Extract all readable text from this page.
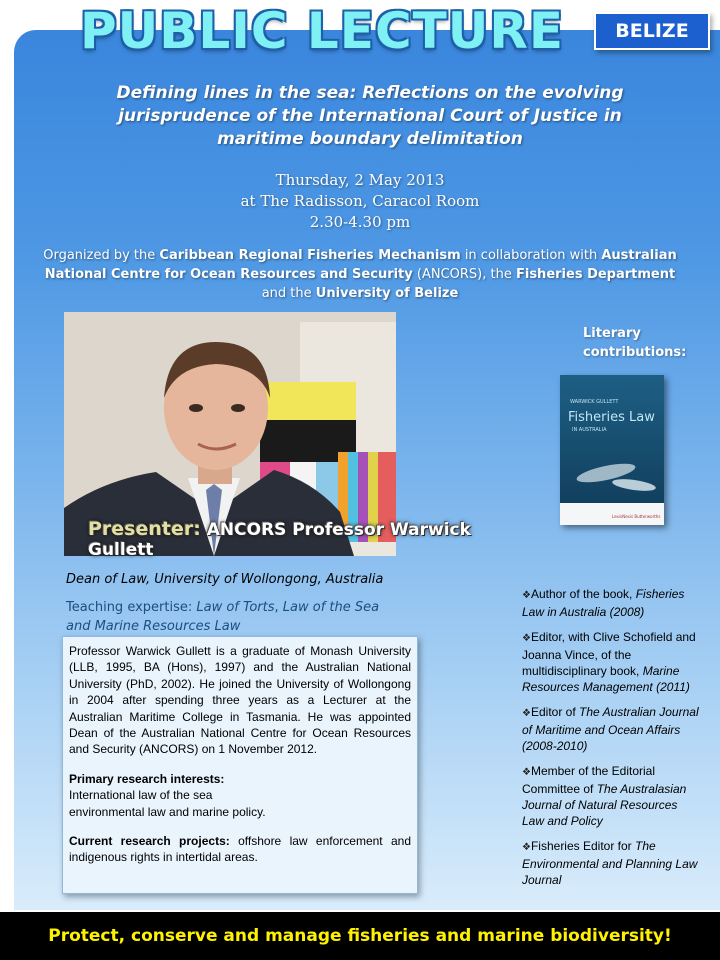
PUBLIC LECTURE	BELIZE
Defining lines in the sea: Reflections on the evolving
jurisprudence of the International Court of Justice in
maritime boundary delimitation
Thursday, 2 May 2013
at The Radisson, Caracol Room
2.30-4.30 pm
Organized by the Caribbean Regional Fisheries Mechanism in collaboration with Australian
National Centre for Ocean Resources and Security (ANCORS), the Fisheries Department
and the University of Belize
Presenter: ANCORS Professor Warwick Gullett
Literary
contributions:
WARWICK GULLETT
Fisheries Law
IN AUSTRALIA
LexisNexis Butterworths
Dean of Law, University of Wollongong, Australia
Teaching expertise: Law of Torts, Law of the Sea
and Marine Resources Law

Professor Warwick Gullett is a graduate of Monash University (LLB, 1995, BA (Hons), 1997) and the Australian National University (PhD, 2002). He joined the University of Wollongong in 2004 after spending three years as a Lecturer at the Australian Maritime College in Tasmania. He was appointed Dean of the Australian National Centre for Ocean Resources and Security (ANCORS) on 1 November 2012.

Primary research interests:
International law of the sea
environmental law and marine policy.

Current research projects: offshore law enforcement and indigenous rights in intertidal areas.

❖Author of the book, Fisheries Law in Australia (2008)
❖Editor, with Clive Schofield and Joanna Vince, of the multidisciplinary book, Marine Resources Management (2011)
❖Editor of The Australian Journal of Maritime and Ocean Affairs (2008-2010)
❖Member of the Editorial Committee of The Australasian Journal of Natural Resources Law and Policy
❖Fisheries Editor for The Environmental and Planning Law Journal
Protect, conserve and manage fisheries and marine biodiversity!
